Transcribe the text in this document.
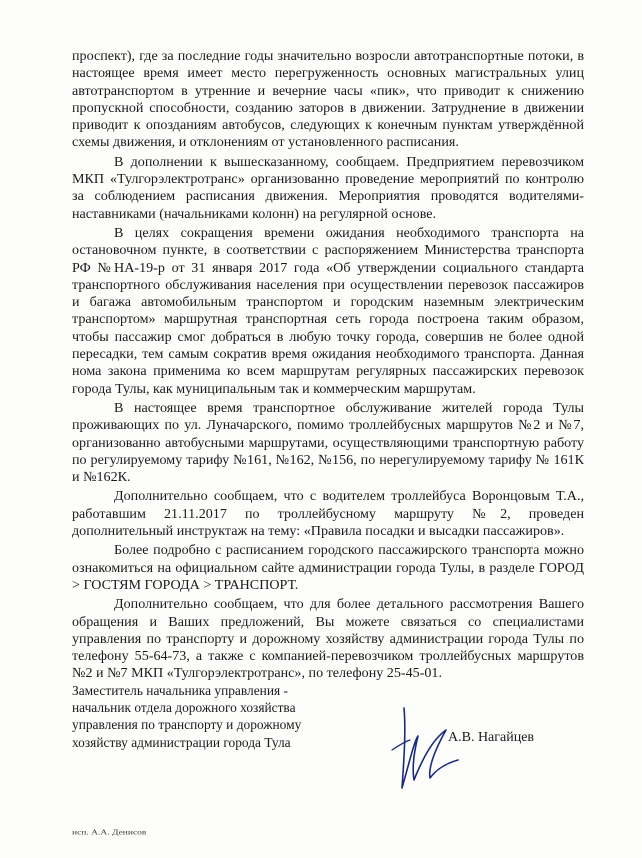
проспект), где за последние годы значительно возросли автотранспортные потоки, в настоящее время имеет место перегруженность основных магистральных улиц автотранспортом в утренние и вечерние часы «пик», что приводит к снижению пропускной способности, созданию заторов в движении. Затруднение в движении приводит к опозданиям автобусов, следующих к конечным пунктам утверждённой схемы движения, и отклонениям от установленного расписания.

В дополнении к вышесказанному, сообщаем. Предприятием перевозчиком МКП «Тулгорэлектротранс» организованно проведение мероприятий по контролю за соблюдением расписания движения. Мероприятия проводятся водителями-наставниками (начальниками колонн) на регулярной основе.

В целях сокращения времени ожидания необходимого транспорта на остановочном пункте, в соответствии с распоряжением Министерства транспорта РФ №НА-19-р от 31 января 2017 года «Об утверждении социального стандарта транспортного обслуживания населения при осуществлении перевозок пассажиров и багажа автомобильным транспортом и городским наземным электрическим транспортом» маршрутная транспортная сеть города построена таким образом, чтобы пассажир смог добраться в любую точку города, совершив не более одной пересадки, тем самым сократив время ожидания необходимого транспорта. Данная нома закона применима ко всем маршрутам регулярных пассажирских перевозок города Тулы, как муниципальным так и коммерческим маршрутам.

В настоящее время транспортное обслуживание жителей города Тулы проживающих по ул. Луначарского, помимо троллейбусных маршрутов №2 и №7, организованно автобусными маршрутами, осуществляющими транспортную работу по регулируемому тарифу №161, №162, №156, по нерегулируемому тарифу № 161К и №162К.

Дополнительно сообщаем, что с водителем троллейбуса Воронцовым Т.А., работавшим 21.11.2017 по троллейбусному маршруту №2, проведен дополнительный инструктаж на тему: «Правила посадки и высадки пассажиров».

Более подробно с расписанием городского пассажирского транспорта можно ознакомиться на официальном сайте администрации города Тулы, в разделе ГОРОД > ГОСТЯМ ГОРОДА > ТРАНСПОРТ.

Дополнительно сообщаем, что для более детального рассмотрения Вашего обращения и Ваших предложений, Вы можете связаться со специалистами управления по транспорту и дорожному хозяйству администрации города Тулы по телефону 55-64-73, а также с компанией-перевозчиком троллейбусных маршрутов №2 и №7 МКП «Тулгорэлектротранс», по телефону 25-45-01.

Заместитель начальника управления -
начальник отдела дорожного хозяйства
управления по транспорту и дорожному
хозяйству администрации города Тула	А.В. Нагайцев
исп. А.А. Денисов
